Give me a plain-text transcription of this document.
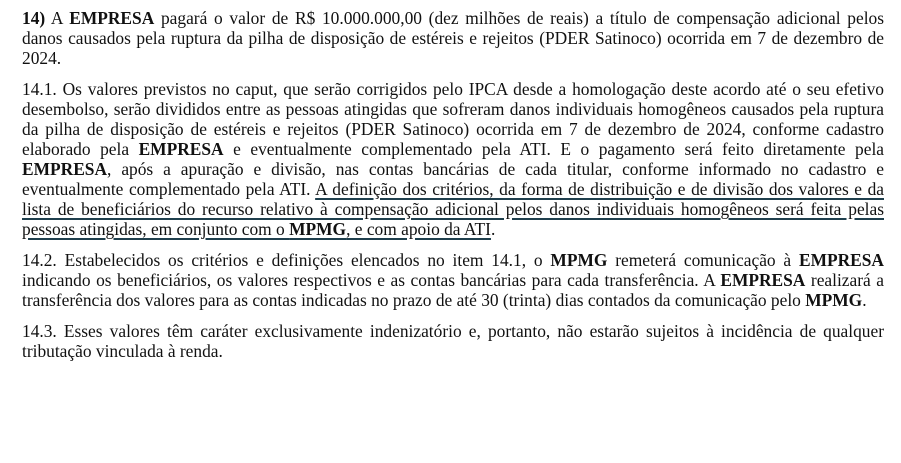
14) A EMPRESA pagará o valor de R$ 10.000.000,00 (dez milhões de reais) a título de compensação adicional pelos danos causados pela ruptura da pilha de disposição de estéreis e rejeitos (PDER Satinoco) ocorrida em 7 de dezembro de 2024.

14.1. Os valores previstos no caput, que serão corrigidos pelo IPCA desde a homologação deste acordo até o seu efetivo desembolso, serão divididos entre as pessoas atingidas que sofreram danos individuais homogêneos causados pela ruptura da pilha de disposição de estéreis e rejeitos (PDER Satinoco) ocorrida em 7 de dezembro de 2024, conforme cadastro elaborado pela EMPRESA e eventualmente complementado pela ATI. E o pagamento será feito diretamente pela EMPRESA, após a apuração e divisão, nas contas bancárias de cada titular, conforme informado no cadastro e eventualmente complementado pela ATI. A definição dos critérios, da forma de distribuição e de divisão dos valores e da lista de beneficiários do recurso relativo à compensação adicional pelos danos individuais homogêneos será feita pelas pessoas atingidas, em conjunto com o MPMG, e com apoio da ATI.

14.2. Estabelecidos os critérios e definições elencados no item 14.1, o MPMG remeterá comunicação à EMPRESA indicando os beneficiários, os valores respectivos e as contas bancárias para cada transferência. A EMPRESA realizará a transferência dos valores para as contas indicadas no prazo de até 30 (trinta) dias contados da comunicação pelo MPMG.

14.3. Esses valores têm caráter exclusivamente indenizatório e, portanto, não estarão sujeitos à incidência de qualquer tributação vinculada à renda.
